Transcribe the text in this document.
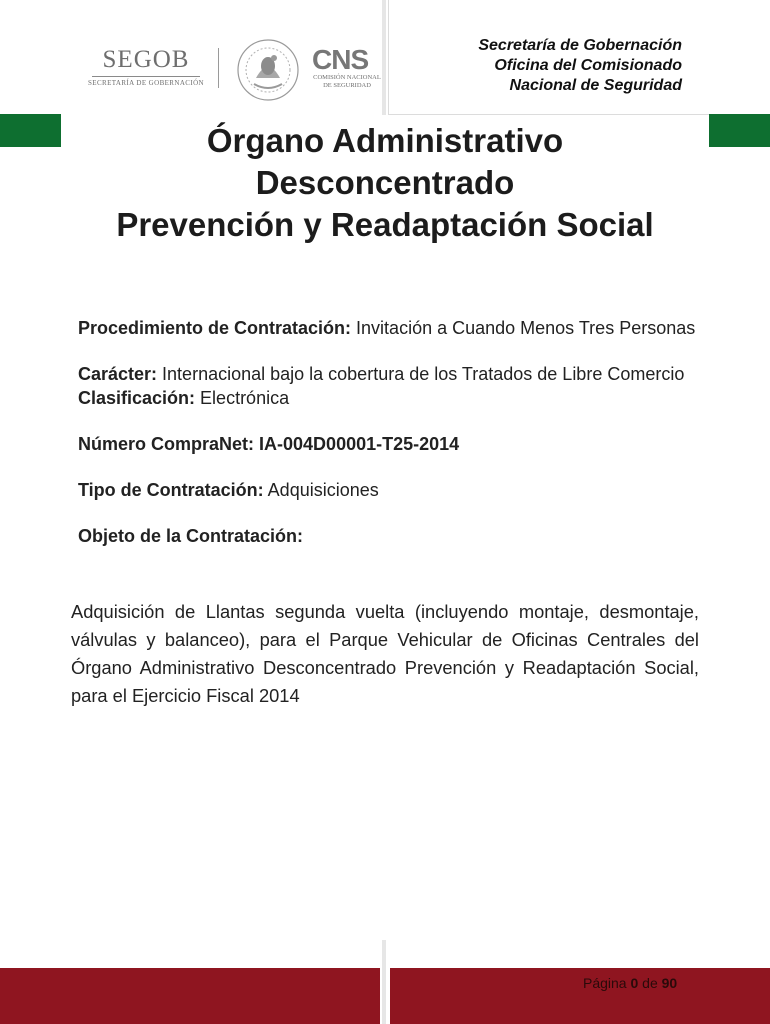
SEGOB
SECRETARÍA DE GOBERNACIÓN
CNS
COMISIÓN NACIONAL
DE SEGURIDAD
Secretaría de Gobernación
Oficina del Comisionado
Nacional de Seguridad
Órgano Administrativo
Desconcentrado
Prevención y Readaptación Social

Procedimiento de Contratación: Invitación a Cuando Menos Tres Personas

Carácter: Internacional bajo la cobertura de los Tratados de Libre Comercio

Clasificación: Electrónica

Número CompraNet: IA-004D00001-T25-2014

Tipo de Contratación: Adquisiciones

Objeto de la Contratación:

Adquisición de Llantas segunda vuelta (incluyendo montaje, desmontaje, válvulas y balanceo), para el Parque Vehicular de Oficinas Centrales del Órgano Administrativo Desconcentrado Prevención y Readaptación Social, para el Ejercicio Fiscal 2014
Página 0 de 90
